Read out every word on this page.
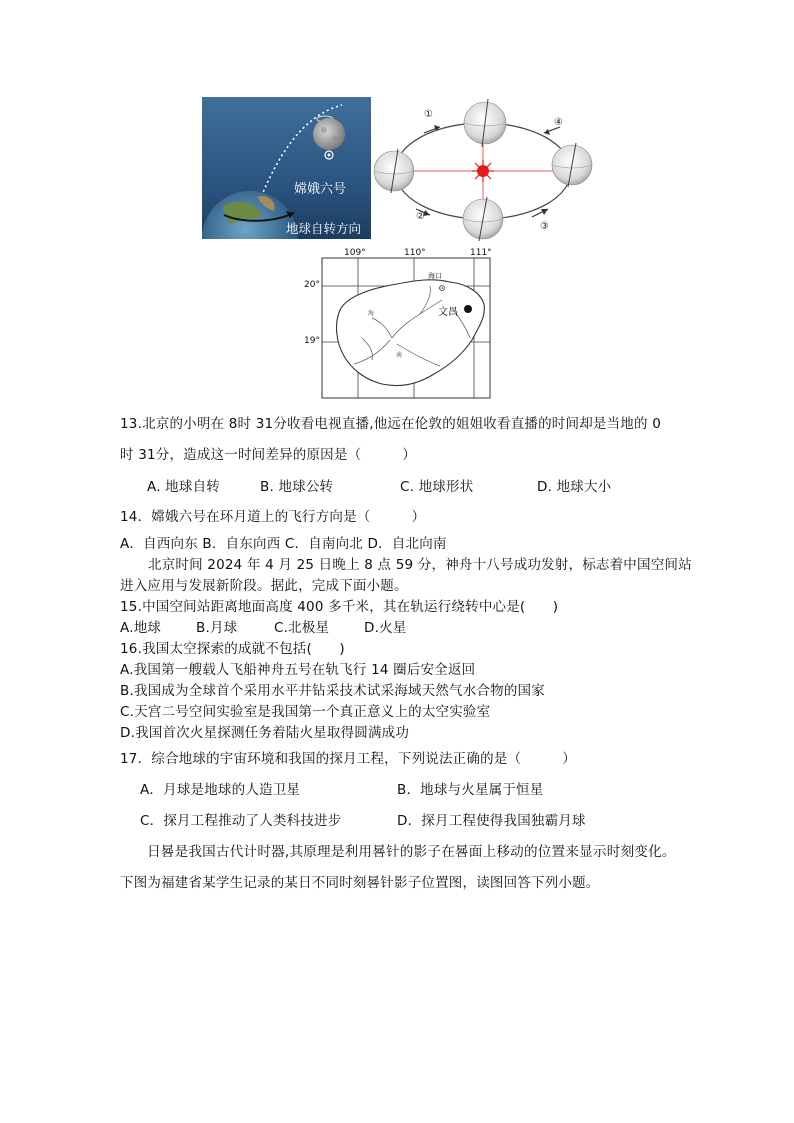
嫦娥六号
地球自转方向
①
②
③
④
109°	110°	111°
20°
19°
海口
文昌
海
南
13.北京的小明在 8时 31分收看电视直播,他远在伦敦的姐姐收看直播的时间却是当地的 0
时 31分，造成这一时间差异的原因是（　　　）
A. 地球自转	B. 地球公转	C. 地球形状	D. 地球大小
14．嫦娥六号在环月道上的飞行方向是（　　　）
A．自西向东 B．自东向西 C．自南向北 D．自北向南
北京时间 2024 年 4 月 25 日晚上 8 点 59 分，神舟十八号成功发射，标志着中国空间站
进入应用与发展新阶段。据此，完成下面小题。
15.中国空间站距离地面高度 400 多千米，其在轨运行绕转中心是(　　)
A.地球	B.月球	C.北极星	D.火星
16.我国太空探索的成就不包括(　　)
A.我国第一艘载人飞船神舟五号在轨飞行 14 圈后安全返回
B.我国成为全球首个采用水平井钻采技术试采海域天然气水合物的国家
C.天宫二号空间实验室是我国第一个真正意义上的太空实验室
D.我国首次火星探测任务着陆火星取得圆满成功
17．综合地球的宇宙环境和我国的探月工程，下列说法正确的是（　　　）
A．月球是地球的人造卫星	B．地球与火星属于恒星
C．探月工程推动了人类科技进步	D．探月工程使得我国独霸月球
日晷是我国古代计时器,其原理是利用晷针的影子在晷面上移动的位置来显示时刻变化。
下图为福建省某学生记录的某日不同时刻晷针影子位置图，读图回答下列小题。
